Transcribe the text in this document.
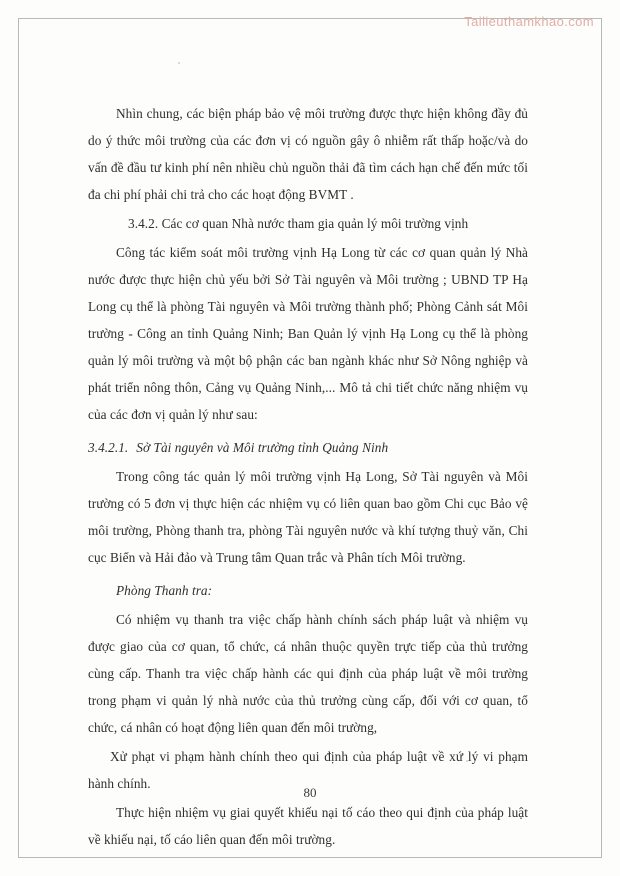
Tailieuthamkhao.com

Nhìn chung, các biện pháp bảo vệ môi trường được thực hiện không đầy đủ do ý thức môi trường của các đơn vị có nguồn gây ô nhiễm rất thấp hoặc/và do vấn đề đầu tư kinh phí nên nhiều chủ nguồn thải đã tìm cách hạn chế đến mức tối đa chi phí phải chi trả cho các hoạt động BVMT .

3.4.2. Các cơ quan Nhà nước tham gia quản lý môi trường vịnh

Công tác kiểm soát môi trường vịnh Hạ Long từ các cơ quan quản lý Nhà nước được thực hiện chủ yếu bởi Sở Tài nguyên và Môi trường ; UBND TP Hạ Long cụ thể là phòng Tài nguyên và Môi trường thành phố; Phòng Cảnh sát Môi trường - Công an tỉnh Quảng Ninh; Ban Quản lý vịnh Hạ Long cụ thể là phòng quản lý môi trường và một bộ phận các ban ngành khác như Sở Nông nghiệp và phát triển nông thôn, Cảng vụ Quảng Ninh,... Mô tả chi tiết chức năng nhiệm vụ của các đơn vị quản lý như sau:

3.4.2.1. Sở Tài nguyên và Môi trường tỉnh Quảng Ninh

Trong công tác quản lý môi trường vịnh Hạ Long, Sở Tài nguyên và Môi trường có 5 đơn vị thực hiện các nhiệm vụ có liên quan bao gồm Chi cục Bảo vệ môi trường, Phòng thanh tra, phòng Tài nguyên nước và khí tượng thuỷ văn, Chi cục Biển và Hải đảo và Trung tâm Quan trắc và Phân tích Môi trường.

Phòng Thanh tra:

Có nhiệm vụ thanh tra việc chấp hành chính sách pháp luật và nhiệm vụ được giao của cơ quan, tổ chức, cá nhân thuộc quyền trực tiếp của thủ trưởng cùng cấp. Thanh tra việc chấp hành các qui định của pháp luật về môi trường trong phạm vi quản lý nhà nước của thủ trưởng cùng cấp, đối với cơ quan, tổ chức, cá nhân có hoạt động liên quan đến môi trường,

Xử phạt vi phạm hành chính theo qui định của pháp luật về xứ lý vi phạm hành chính.

Thực hiện nhiệm vụ giai quyết khiếu nại tố cáo theo qui định của pháp luật về khiếu nại, tố cáo liên quan đến môi trường.

80
